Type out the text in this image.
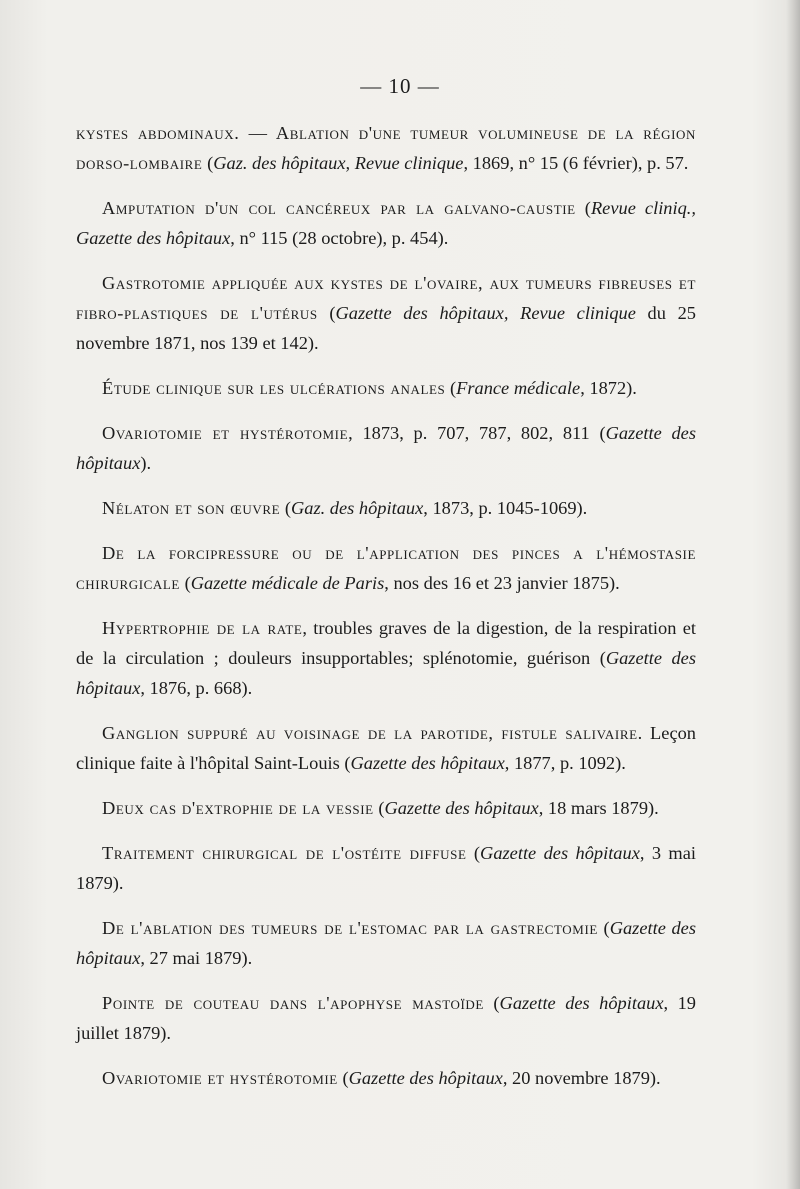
— 10 —

kystes abdominaux. — Ablation d'une tumeur volumineuse de la région dorso-lombaire (Gaz. des hôpitaux, Revue clinique, 1869, n° 15 (6 février), p. 57.

Amputation d'un col cancéreux par la galvano-caustie (Revue cliniq., Gazette des hôpitaux, n° 115 (28 octobre), p. 454).

Gastrotomie appliquée aux kystes de l'ovaire, aux tumeurs fibreuses et fibro-plastiques de l'utérus (Gazette des hôpitaux, Revue clinique du 25 novembre 1871, nos 139 et 142).

Étude clinique sur les ulcérations anales (France médicale, 1872).

Ovariotomie et hystérotomie, 1873, p. 707, 787, 802, 811 (Gazette des hôpitaux).

Nélaton et son œuvre (Gaz. des hôpitaux, 1873, p. 1045-1069).

De la forcipressure ou de l'application des pinces a l'hémostasie chirurgicale (Gazette médicale de Paris, nos des 16 et 23 janvier 1875).

Hypertrophie de la rate, troubles graves de la digestion, de la respiration et de la circulation ; douleurs insupportables; splénotomie, guérison (Gazette des hôpitaux, 1876, p. 668).

Ganglion suppuré au voisinage de la parotide, fistule salivaire. Leçon clinique faite à l'hôpital Saint-Louis (Gazette des hôpitaux, 1877, p. 1092).

Deux cas d'extrophie de la vessie (Gazette des hôpitaux, 18 mars 1879).

Traitement chirurgical de l'ostéite diffuse (Gazette des hôpitaux, 3 mai 1879).

De l'ablation des tumeurs de l'estomac par la gastrectomie (Gazette des hôpitaux, 27 mai 1879).

Pointe de couteau dans l'apophyse mastoïde (Gazette des hôpitaux, 19 juillet 1879).

Ovariotomie et hystérotomie (Gazette des hôpitaux, 20 novembre 1879).
